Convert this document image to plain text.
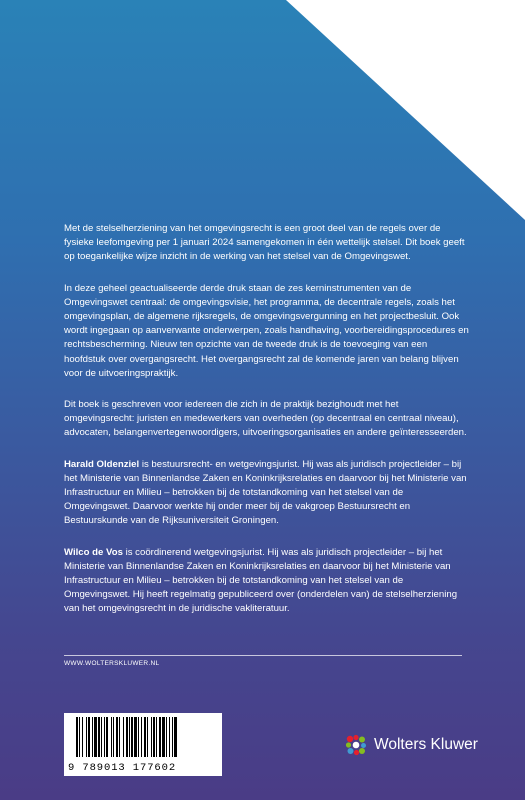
Met de stelselherziening van het omgevingsrecht is een groot deel van de regels over de fysieke leefomgeving per 1 januari 2024 samengekomen in één wettelijk stelsel. Dit boek geeft op toegankelijke wijze inzicht in de werking van het stelsel van de Omgevingswet.

In deze geheel geactualiseerde derde druk staan de zes kerninstrumenten van de Omgevingswet centraal: de omgevingsvisie, het programma, de decentrale regels, zoals het omgevingsplan, de algemene rijksregels, de omgevingsvergunning en het projectbesluit. Ook wordt ingegaan op aanverwante onderwerpen, zoals handhaving, voorbereidingsprocedures en rechtsbescherming. Nieuw ten opzichte van de tweede druk is de toevoeging van een hoofdstuk over overgangsrecht. Het overgangsrecht zal de komende jaren van belang blijven voor de uitvoeringspraktijk.

Dit boek is geschreven voor iedereen die zich in de praktijk bezighoudt met het omgevingsrecht: juristen en medewerkers van overheden (op decentraal en centraal niveau), advocaten, belangenvertegenwoordigers, uitvoeringsorganisaties en andere geïnteresseerden.

Harald Oldenziel is bestuursrecht- en wetgevingsjurist. Hij was als juridisch projectleider – bij het Ministerie van Binnenlandse Zaken en Koninkrijksrelaties en daarvoor bij het Ministerie van Infrastructuur en Milieu – betrokken bij de totstandkoming van het stelsel van de Omgevingswet. Daarvoor werkte hij onder meer bij de vakgroep Bestuursrecht en Bestuurskunde van de Rijksuniversiteit Groningen.

Wilco de Vos is coördinerend wetgevingsjurist. Hij was als juridisch projectleider – bij het Ministerie van Binnenlandse Zaken en Koninkrijksrelaties en daarvoor bij het Ministerie van Infrastructuur en Milieu – betrokken bij de totstandkoming van het stelsel van de Omgevingswet. Hij heeft regelmatig gepubliceerd over (onderdelen van) de stelselherziening van het omgevingsrecht in de juridische vakliteratuur.

WWW.WOLTERSKLUWER.NL
9 789013 177602
Wolters Kluwer
